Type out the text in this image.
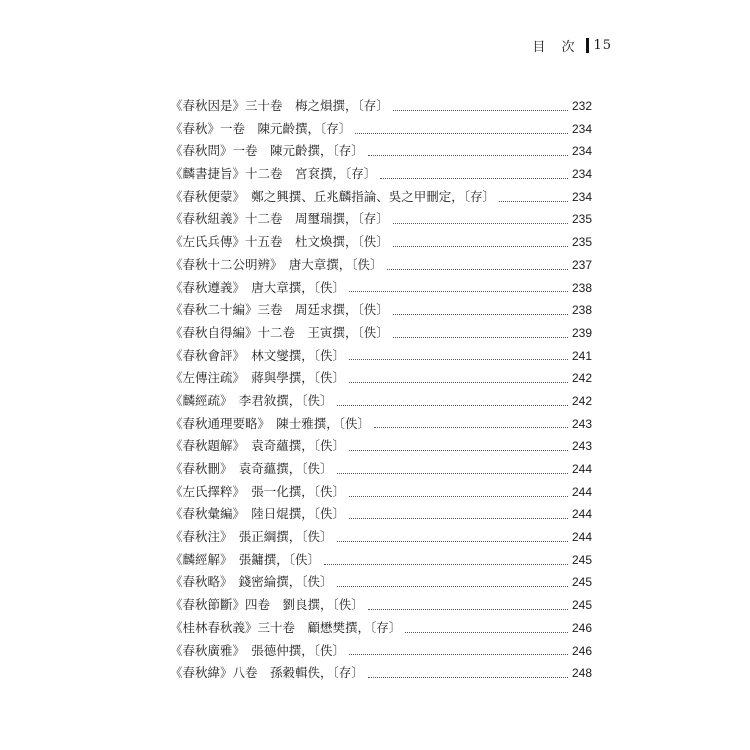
目 次 15
《春秋因是》三十卷　梅之熉撰，〔存〕	232
《春秋》一卷　陳元齡撰，〔存〕	234
《春秋問》一卷　陳元齡撰，〔存〕	234
《麟書捷旨》十二卷　宮袞撰，〔存〕	234
《春秋便蒙》　鄭之興撰、丘兆麟指論、吳之甲刪定，〔存〕	234
《春秋紐義》十二卷　周璽瑞撰，〔存〕	235
《左氏兵傳》十五卷　杜文煥撰，〔佚〕	235
《春秋十二公明辨》　唐大章撰，〔佚〕	237
《春秋遵義》　唐大章撰，〔佚〕	238
《春秋二十編》三卷　周廷求撰，〔佚〕	238
《春秋自得編》十二卷　王寅撰，〔佚〕	239
《春秋會評》　林文燮撰，〔佚〕	241
《左傳注疏》　蔣與學撰，〔佚〕	242
《麟經疏》　李君敘撰，〔佚〕	242
《春秋通理要略》　陳士雅撰，〔佚〕	243
《春秋題解》　袁奇蘊撰，〔佚〕	243
《春秋刪》　袁奇蘊撰，〔佚〕	244
《左氏擇粹》　張一化撰，〔佚〕	244
《春秋彙編》　陸日焜撰，〔佚〕	244
《春秋注》　張正綱撰，〔佚〕	244
《麟經解》　張鏞撰，〔佚〕	245
《春秋略》　錢密綸撰，〔佚〕	245
《春秋節斷》四卷　劉良撰，〔佚〕	245
《桂林春秋義》三十卷　顧懋樊撰，〔存〕	246
《春秋廣雅》　張德仲撰，〔佚〕	246
《春秋緯》八卷　孫穀輯佚，〔存〕	248
